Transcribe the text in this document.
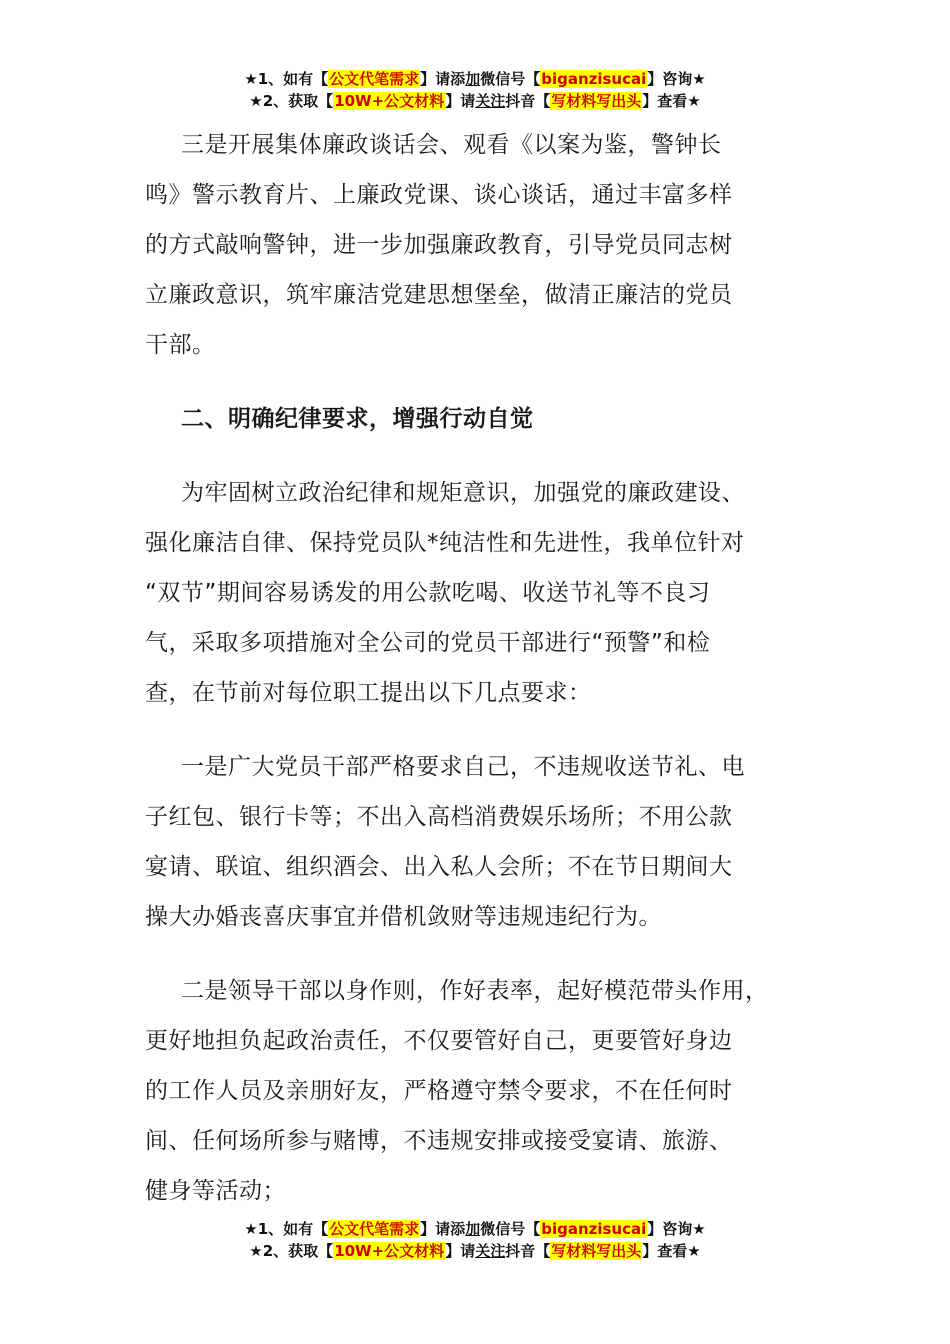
★1、如有【公文代笔需求】请添加微信号【biganzisucai】咨询★
★2、获取【10W+公文材料】请关注抖音【写材料写出头】查看★
三是开展集体廉政谈话会、观看《以案为鉴，警钟长
鸣》警示教育片、上廉政党课、谈心谈话，通过丰富多样
的方式敲响警钟，进一步加强廉政教育，引导党员同志树
立廉政意识，筑牢廉洁党建思想堡垒，做清正廉洁的党员
干部。
二、明确纪律要求，增强行动自觉
为牢固树立政治纪律和规矩意识，加强党的廉政建设、
强化廉洁自律、保持党员队*纯洁性和先进性，我单位针对
“双节”期间容易诱发的用公款吃喝、收送节礼等不良习
气，采取多项措施对全公司的党员干部进行“预警”和检
查，在节前对每位职工提出以下几点要求：
一是广大党员干部严格要求自己，不违规收送节礼、电
子红包、银行卡等；不出入高档消费娱乐场所；不用公款
宴请、联谊、组织酒会、出入私人会所；不在节日期间大
操大办婚丧喜庆事宜并借机敛财等违规违纪行为。
二是领导干部以身作则，作好表率，起好模范带头作用，
更好地担负起政治责任，不仅要管好自己，更要管好身边
的工作人员及亲朋好友，严格遵守禁令要求，不在任何时
间、任何场所参与赌博，不违规安排或接受宴请、旅游、
健身等活动；
★1、如有【公文代笔需求】请添加微信号【biganzisucai】咨询★
★2、获取【10W+公文材料】请关注抖音【写材料写出头】查看★
